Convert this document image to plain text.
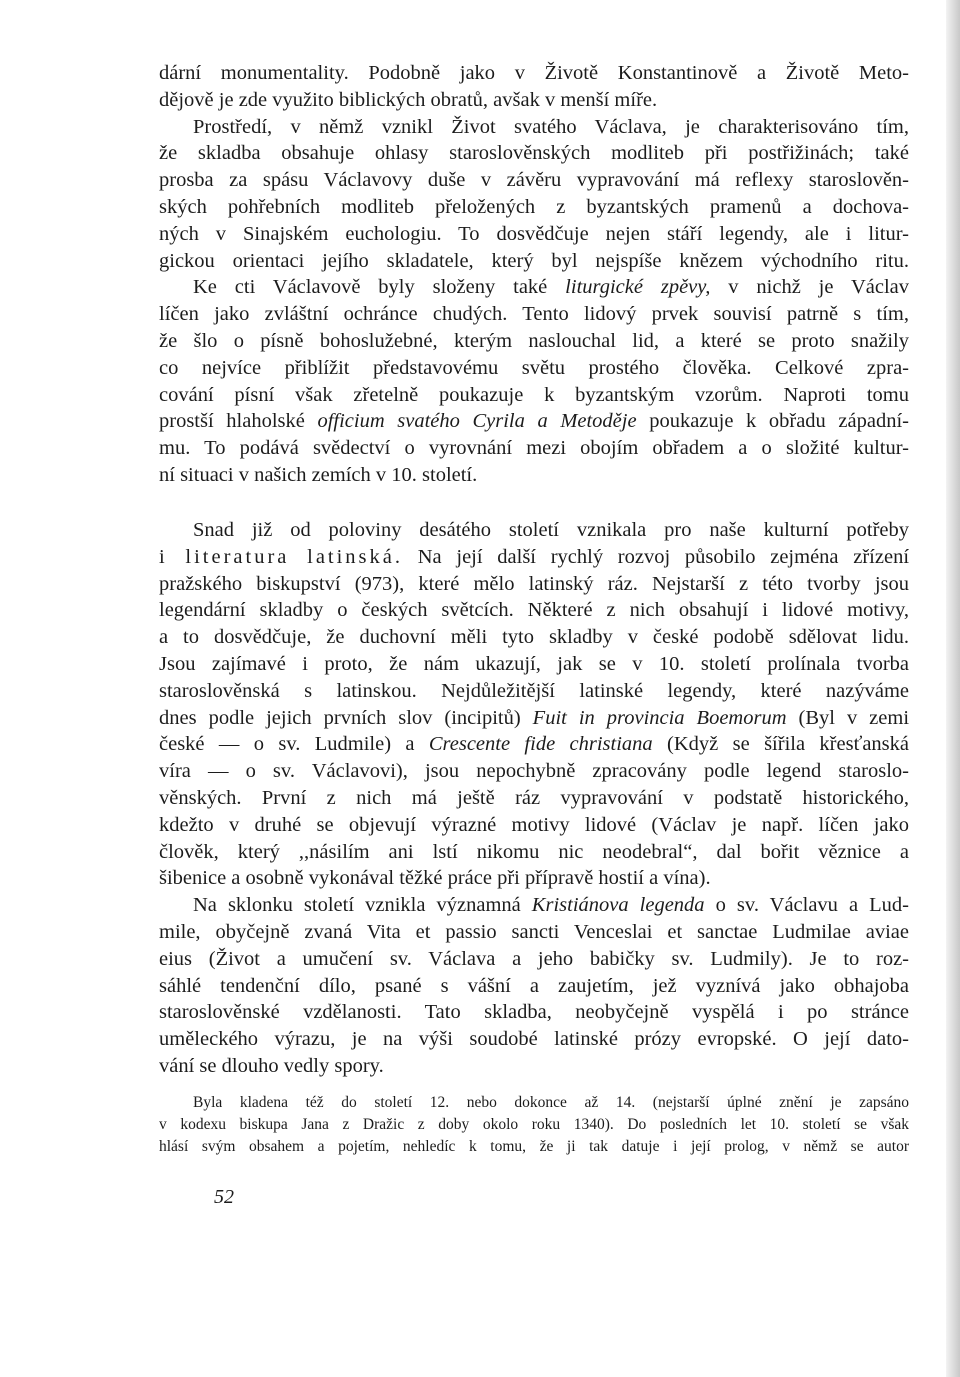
dární monumentality. Podobně jako v Životě Konstantinově a Životě Meto-
dějově je zde využito biblických obratů, avšak v menší míře.
Prostředí, v němž vznikl Život svatého Václava, je charakterisováno tím,
že skladba obsahuje ohlasy staroslověnských modliteb při postřižinách; také
prosba za spásu Václavovy duše v závěru vypravování má reflexy staroslověn-
ských pohřebních modliteb přeložených z byzantských pramenů a dochova-
ných v Sinajském euchologiu. To dosvědčuje nejen stáří legendy, ale i litur-
gickou orientaci jejího skladatele, který byl nejspíše knězem východního ritu.
Ke cti Václavově byly složeny také liturgické zpěvy, v nichž je Václav
líčen jako zvláštní ochránce chudých. Tento lidový prvek souvisí patrně s tím,
že šlo o písně bohoslužebné, kterým naslouchal lid, a které se proto snažily
co nejvíce přiblížit představovému světu prostého člověka. Celkové zpra-
cování písní však zřetelně poukazuje k byzantským vzorům. Naproti tomu
prostší hlaholské officium svatého Cyrila a Metoděje poukazuje k obřadu západní-
mu. To podává svědectví o vyrovnání mezi obojím obřadem a o složité kultur-
ní situaci v našich zemích v 10. století.
Snad již od poloviny desátého století vznikala pro naše kulturní potřeby
i literatura latinská. Na její další rychlý rozvoj působilo zejména zřízení
pražského biskupství (973), které mělo latinský ráz. Nejstarší z této tvorby jsou
legendární skladby o českých světcích. Některé z nich obsahují i lidové motivy,
a to dosvědčuje, že duchovní měli tyto skladby v české podobě sdělovat lidu.
Jsou zajímavé i proto, že nám ukazují, jak se v 10. století prolínala tvorba
staroslověnská s latinskou. Nejdůležitější latinské legendy, které nazýváme
dnes podle jejich prvních slov (incipitů) Fuit in provincia Boemorum (Byl v zemi
české — o sv. Ludmile) a Crescente fide christiana (Když se šířila křesťanská
víra — o sv. Václavovi), jsou nepochybně zpracovány podle legend staroslo-
věnských. První z nich má ještě ráz vypravování v podstatě historického,
kdežto v druhé se objevují výrazné motivy lidové (Václav je např. líčen jako
člověk, který ,,násilím ani lstí nikomu nic neodebral“, dal bořit věznice a
šibenice a osobně vykonával těžké práce při přípravě hostií a vína).
Na sklonku století vznikla významná Kristiánova legenda o sv. Václavu a Lud-
mile, obyčejně zvaná Vita et passio sancti Venceslai et sanctae Ludmilae aviae
eius (Život a umučení sv. Václava a jeho babičky sv. Ludmily). Je to roz-
sáhlé tendenční dílo, psané s vášní a zaujetím, jež vyznívá jako obhajoba
staroslověnské vzdělanosti. Tato skladba, neobyčejně vyspělá i po stránce
uměleckého výrazu, je na výši soudobé latinské prózy evropské. O její dato-
vání se dlouho vedly spory.
Byla kladena též do století 12. nebo dokonce až 14. (nejstarší úplné znění je zapsáno
v kodexu biskupa Jana z Dražic z doby okolo roku 1340). Do posledních let 10. století se však
hlásí svým obsahem a pojetím, nehledíc k tomu, že ji tak datuje i její prolog, v němž se autor
52
